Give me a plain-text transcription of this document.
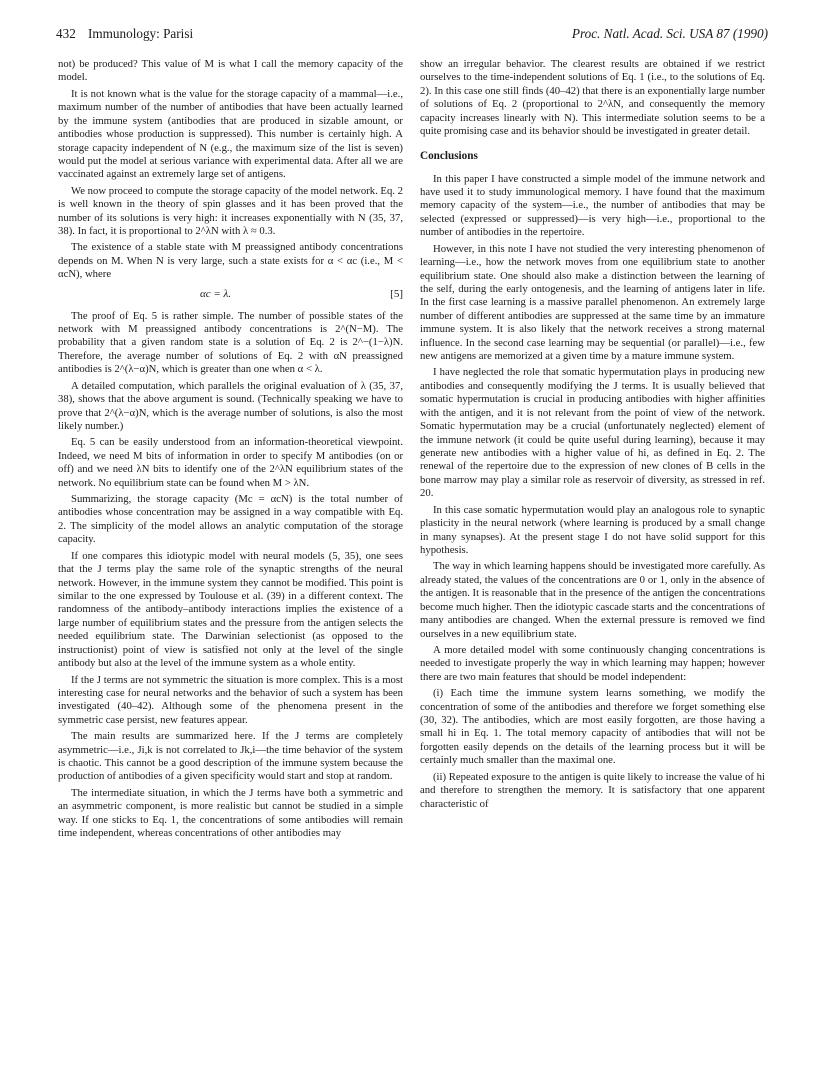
432 Immunology: Parisi	Proc. Natl. Acad. Sci. USA 87 (1990)

not) be produced? This value of M is what I call the memory capacity of the model.

It is not known what is the value for the storage capacity of a mammal—i.e., maximum number of the number of antibodies that have been actually learned by the immune system (antibodies that are produced in sizable amount, or antibodies whose production is suppressed). This number is certainly high. A storage capacity independent of N (e.g., the maximum size of the list is seven) would put the model at serious variance with experimental data. After all we are vaccinated against an extremely large set of antigens.

We now proceed to compute the storage capacity of the model network. Eq. 2 is well known in the theory of spin glasses and it has been proved that the number of its solutions is very high: it increases exponentially with N (35, 37, 38). In fact, it is proportional to 2^λN with λ ≈ 0.3.

The existence of a stable state with M preassigned antibody concentrations depends on M. When N is very large, such a state exists for α < αc (i.e., M < αcN), where

αc = λ.	[5]

The proof of Eq. 5 is rather simple. The number of possible states of the network with M preassigned antibody concentrations is 2^(N−M). The probability that a given random state is a solution of Eq. 2 is 2^−(1−λ)N. Therefore, the average number of solutions of Eq. 2 with αN preassigned antibodies is 2^(λ−α)N, which is greater than one when α < λ.

A detailed computation, which parallels the original evaluation of λ (35, 37, 38), shows that the above argument is sound. (Technically speaking we have to prove that 2^(λ−α)N, which is the average number of solutions, is also the most likely number.)

Eq. 5 can be easily understood from an information-theoretical viewpoint. Indeed, we need M bits of information in order to specify M antibodies (on or off) and we need λN bits to identify one of the 2^λN equilibrium states of the network. No equilibrium state can be found when M > λN.

Summarizing, the storage capacity (Mc = αcN) is the total number of antibodies whose concentration may be assigned in a way compatible with Eq. 2. The simplicity of the model allows an analytic computation of the storage capacity.

If one compares this idiotypic model with neural models (5, 35), one sees that the J terms play the same role of the synaptic strengths of the neural network. However, in the immune system they cannot be modified. This point is similar to the one expressed by Toulouse et al. (39) in a different context. The randomness of the antibody–antibody interactions implies the existence of a large number of equilibrium states and the pressure from the antigen selects the needed equilibrium state. The Darwinian selectionist (as opposed to the instructionist) point of view is satisfied not only at the level of the single antibody but also at the level of the immune system as a whole entity.

If the J terms are not symmetric the situation is more complex. This is a most interesting case for neural networks and the behavior of such a system has been investigated (40–42). Although some of the phenomena present in the symmetric case persist, new features appear.

The main results are summarized here. If the J terms are completely asymmetric—i.e., Ji,k is not correlated to Jk,i—the time behavior of the system is chaotic. This cannot be a good description of the immune system because the production of antibodies of a given specificity would start and stop at random.

The intermediate situation, in which the J terms have both a symmetric and an asymmetric component, is more realistic but cannot be studied in a simple way. If one sticks to Eq. 1, the concentrations of some antibodies will remain time independent, whereas concentrations of other antibodies may

show an irregular behavior. The clearest results are obtained if we restrict ourselves to the time-independent solutions of Eq. 1 (i.e., to the solutions of Eq. 2). In this case one still finds (40–42) that there is an exponentially large number of solutions of Eq. 2 (proportional to 2^λN, and consequently the memory capacity increases linearly with N). This intermediate solution seems to be a quite promising case and its behavior should be investigated in greater detail.

Conclusions

In this paper I have constructed a simple model of the immune network and have used it to study immunological memory. I have found that the maximum memory capacity of the system—i.e., the number of antibodies that may be selected (expressed or suppressed)—is very high—i.e., proportional to the number of antibodies in the repertoire.

However, in this note I have not studied the very interesting phenomenon of learning—i.e., how the network moves from one equilibrium state to another equilibrium state. One should also make a distinction between the learning of the self, during the early ontogenesis, and the learning of antigens later in life. In the first case learning is a massive parallel phenomenon. An extremely large number of different antibodies are suppressed at the same time by an immature immune system. It is also likely that the network receives a strong maternal influence. In the second case learning may be sequential (or parallel)—i.e., few new antigens are memorized at a given time by a mature immune system.

I have neglected the role that somatic hypermutation plays in producing new antibodies and consequently modifying the J terms. It is usually believed that somatic hypermutation is crucial in producing antibodies with higher affinities with the antigen, and it is not relevant from the point of view of the network. Somatic hypermutation may be a crucial (unfortunately neglected) element of the immune network (it could be quite useful during learning), because it may generate new antibodies with a higher value of hi, as defined in Eq. 2. The renewal of the repertoire due to the expression of new clones of B cells in the bone marrow may play a similar role as reservoir of diversity, as stressed in ref. 20.

In this case somatic hypermutation would play an analogous role to synaptic plasticity in the neural network (where learning is produced by a small change in many synapses). At the present stage I do not have solid support for this hypothesis.

The way in which learning happens should be investigated more carefully. As already stated, the values of the concentrations are 0 or 1, only in the absence of the antigen. It is reasonable that in the presence of the antigen the concentrations become much higher. Then the idiotypic cascade starts and the concentrations of many antibodies are changed. When the external pressure is removed we find ourselves in a new equilibrium state.

A more detailed model with some continuously changing concentrations is needed to investigate properly the way in which learning may happen; however there are two main features that should be model independent:

(i) Each time the immune system learns something, we modify the concentration of some of the antibodies and therefore we forget something else (30, 32). The antibodies, which are most easily forgotten, are those having a small hi in Eq. 1. The total memory capacity of antibodies that will not be forgotten easily depends on the details of the learning process but it will be certainly much smaller than the maximal one.

(ii) Repeated exposure to the antigen is quite likely to increase the value of hi and therefore to strengthen the memory. It is satisfactory that one apparent characteristic of
